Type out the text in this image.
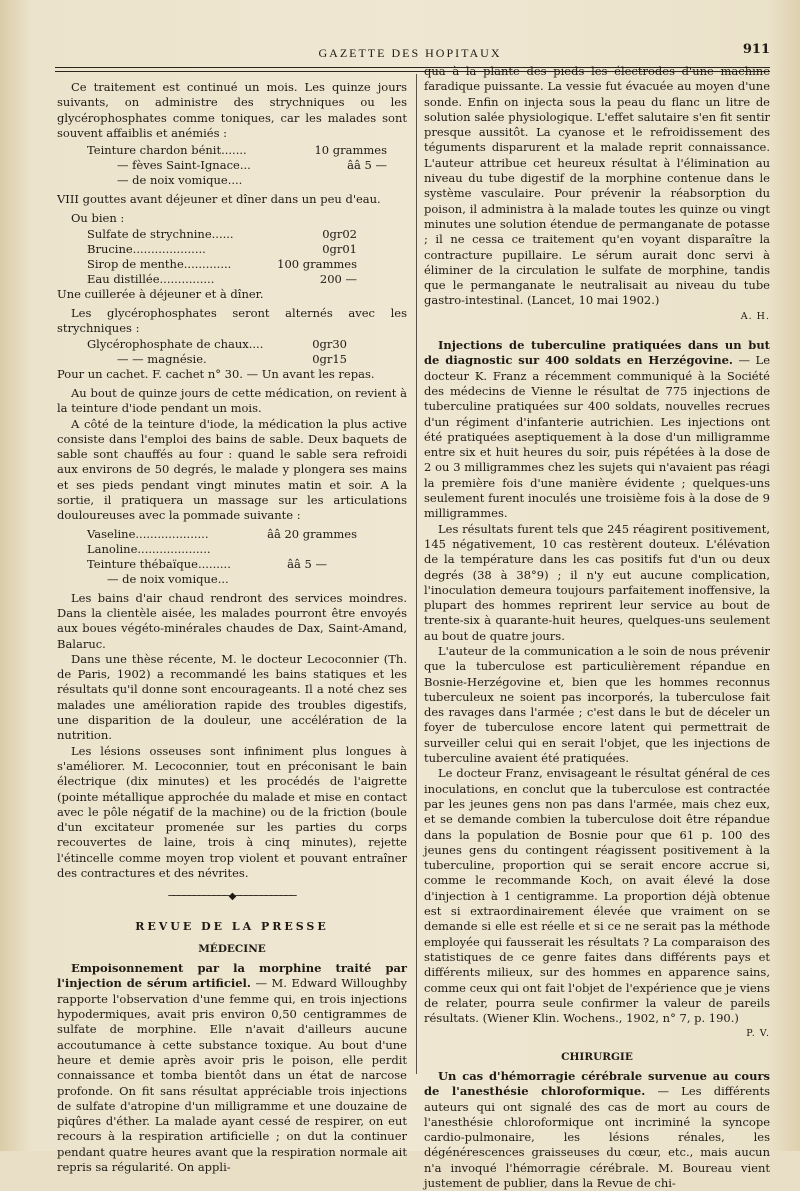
GAZETTE DES HOPITAUX	911

Ce traitement est continué un mois. Les quinze jours suivants, on administre des strychniques ou les glycérophosphates comme toniques, car les malades sont souvent affaiblis et anémiés :

Teinture chardon bénit.......	10 grammes
— fèves Saint-Ignace...	ââ 5 —
— de noix vomique....

VIII gouttes avant déjeuner et dîner dans un peu d'eau.

Ou bien :

Sulfate de strychnine......	0gr02
Brucine....................	0gr01
Sirop de menthe.............	100 grammes
Eau distillée...............	200 —

Une cuillerée à déjeuner et à dîner.

Les glycérophosphates seront alternés avec les strychniques :

Glycérophosphate de chaux....	0gr30
— — magnésie.	0gr15

Pour un cachet. F. cachet n° 30. — Un avant les repas.

Au bout de quinze jours de cette médication, on revient à la teinture d'iode pendant un mois.

A côté de la teinture d'iode, la médication la plus active consiste dans l'emploi des bains de sable. Deux baquets de sable sont chauffés au four : quand le sable sera refroidi aux environs de 50 degrés, le malade y plongera ses mains et ses pieds pendant vingt minutes matin et soir. A la sortie, il pratiquera un massage sur les articulations douloureuses avec la pommade suivante :

Vaseline....................	ââ 20 grammes
Lanoline....................
Teinture thébaïque.........	ââ 5 —
— de noix vomique...

Les bains d'air chaud rendront des services moindres. Dans la clientèle aisée, les malades pourront être envoyés aux boues végéto-minérales chaudes de Dax, Saint-Amand, Balaruc.

Dans une thèse récente, M. le docteur Lecoconnier (Th. de Paris, 1902) a recommandé les bains statiques et les résultats qu'il donne sont encourageants. Il a noté chez ses malades une amélioration rapide des troubles digestifs, une disparition de la douleur, une accélération de la nutrition.

Les lésions osseuses sont infiniment plus longues à s'améliorer. M. Lecoconnier, tout en préconisant le bain électrique (dix minutes) et les procédés de l'aigrette (pointe métallique approchée du malade et mise en contact avec le pôle négatif de la machine) ou de la friction (boule d'un excitateur promenée sur les parties du corps recouvertes de laine, trois à cinq minutes), rejette l'étincelle comme moyen trop violent et pouvant entraîner des contractures et des névrites.

────────────◆────────────
REVUE DE LA PRESSE
MÉDECINE

Empoisonnement par la morphine traité par l'injection de sérum artificiel. — M. Edward Willoughby rapporte l'observation d'une femme qui, en trois injections hypodermiques, avait pris environ 0,50 centigrammes de sulfate de morphine. Elle n'avait d'ailleurs aucune accoutumance à cette substance toxique. Au bout d'une heure et demie après avoir pris le poison, elle perdit connaissance et tomba bientôt dans un état de narcose profonde. On fit sans résultat appréciable trois injections de sulfate d'atropine d'un milligramme et une douzaine de piqûres d'éther. La malade ayant cessé de respirer, on eut recours à la respiration artificielle ; on dut la continuer pendant quatre heures avant que la respiration normale ait repris sa régularité. On appli-

qua à la plante des pieds les électrodes d'une machine faradique puissante. La vessie fut évacuée au moyen d'une sonde. Enfin on injecta sous la peau du flanc un litre de solution salée physiologique. L'effet salutaire s'en fit sentir presque aussitôt. La cyanose et le refroidissement des téguments disparurent et la malade reprit connaissance. L'auteur attribue cet heureux résultat à l'élimination au niveau du tube digestif de la morphine contenue dans le système vasculaire. Pour prévenir la réabsorption du poison, il administra à la malade toutes les quinze ou vingt minutes une solution étendue de permanganate de potasse ; il ne cessa ce traitement qu'en voyant disparaître la contracture pupillaire. Le sérum aurait donc servi à éliminer de la circulation le sulfate de morphine, tandis que le permanganate le neutralisait au niveau du tube gastro-intestinal. (Lancet, 10 mai 1902.)

A. H.

Injections de tuberculine pratiquées dans un but de diagnostic sur 400 soldats en Herzégovine. — Le docteur K. Franz a récemment communiqué à la Société des médecins de Vienne le résultat de 775 injections de tuberculine pratiquées sur 400 soldats, nouvelles recrues d'un régiment d'infanterie autrichien. Les injections ont été pratiquées aseptiquement à la dose d'un milligramme entre six et huit heures du soir, puis répétées à la dose de 2 ou 3 milligrammes chez les sujets qui n'avaient pas réagi la première fois d'une manière évidente ; quelques-uns seulement furent inoculés une troisième fois à la dose de 9 milligrammes.

Les résultats furent tels que 245 réagirent positivement, 145 négativement, 10 cas restèrent douteux. L'élévation de la température dans les cas positifs fut d'un ou deux degrés (38 à 38°9) ; il n'y eut aucune complication, l'inoculation demeura toujours parfaitement inoffensive, la plupart des hommes reprirent leur service au bout de trente-six à quarante-huit heures, quelques-uns seulement au bout de quatre jours.

L'auteur de la communication a le soin de nous prévenir que la tuberculose est particulièrement répandue en Bosnie-Herzégovine et, bien que les hommes reconnus tuberculeux ne soient pas incorporés, la tuberculose fait des ravages dans l'armée ; c'est dans le but de déceler un foyer de tuberculose encore latent qui permettrait de surveiller celui qui en serait l'objet, que les injections de tuberculine avaient été pratiquées.

Le docteur Franz, envisageant le résultat général de ces inoculations, en conclut que la tuberculose est contractée par les jeunes gens non pas dans l'armée, mais chez eux, et se demande combien la tuberculose doit être répandue dans la population de Bosnie pour que 61 p. 100 des jeunes gens du contingent réagissent positivement à la tuberculine, proportion qui se serait encore accrue si, comme le recommande Koch, on avait élevé la dose d'injection à 1 centigramme. La proportion déjà obtenue est si extraordinairement élevée que vraiment on se demande si elle est réelle et si ce ne serait pas la méthode employée qui fausserait les résultats ? La comparaison des statistiques de ce genre faites dans différents pays et différents milieux, sur des hommes en apparence sains, comme ceux qui ont fait l'objet de l'expérience que je viens de relater, pourra seule confirmer la valeur de pareils résultats. (Wiener Klin. Wochens., 1902, n° 7, p. 190.)

P. V.
CHIRURGIE

Un cas d'hémorragie cérébrale survenue au cours de l'anesthésie chloroformique. — Les différents auteurs qui ont signalé des cas de mort au cours de l'anesthésie chloroformique ont incriminé la syncope cardio-pulmonaire, les lésions rénales, les dégénérescences graisseuses du cœur, etc., mais aucun n'a invoqué l'hémorragie cérébrale. M. Boureau vient justement de publier, dans la Revue de chi-
